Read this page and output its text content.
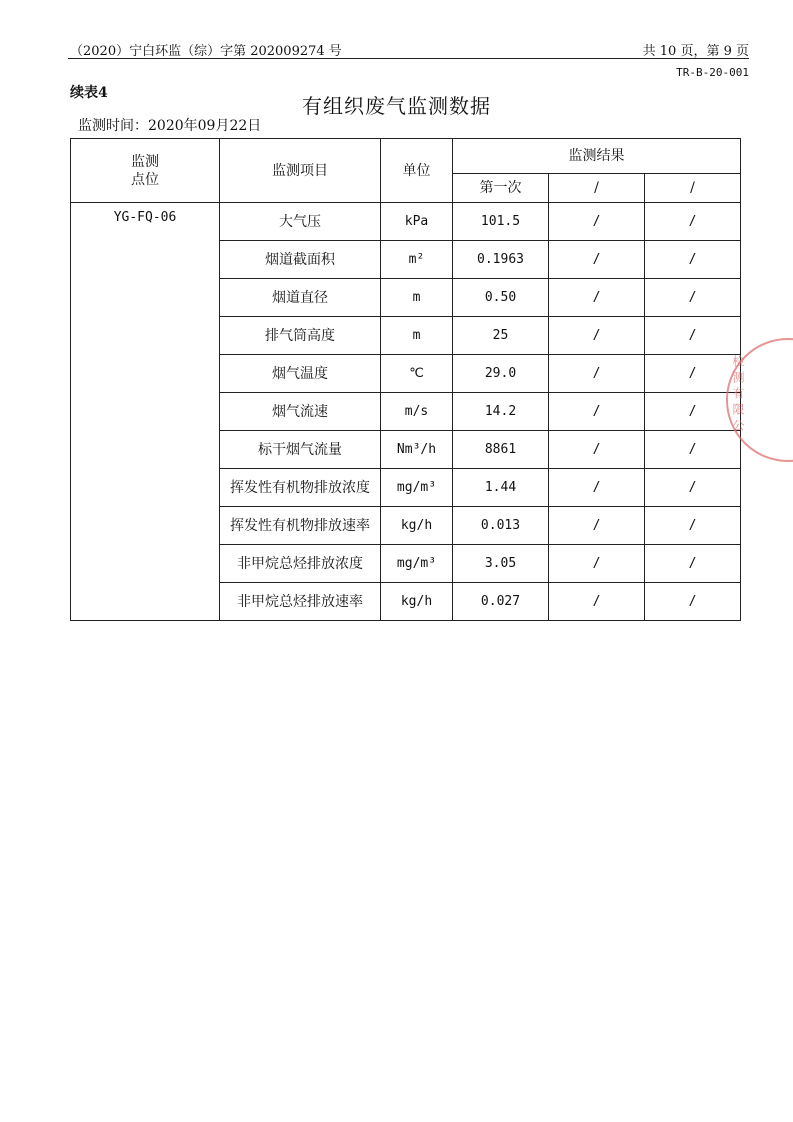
（2020）宁白环监（综）字第 202009274 号	共 10 页，第 9 页
TR-B-20-001
续表4
有组织废气监测数据
监测时间：2020年09月22日
监测
点位	监测项目	单位	监测结果		
			第一次	/	/
YG-FQ-06	大气压	kPa	101.5	/	/
	烟道截面积	m²	0.1963	/	/
	烟道直径	m	0.50	/	/
	排气筒高度	m	25	/	/
	烟气温度	℃	29.0	/	/
	烟气流速	m/s	14.2	/	/
	标干烟气流量	Nm³/h	8861	/	/
	挥发性有机物排放浓度	mg/m³	1.44	/	/
	挥发性有机物排放速率	kg/h	0.013	/	/
	非甲烷总烃排放浓度	mg/m³	3.05	/	/
	非甲烷总烃排放速率	kg/h	0.027	/	/
检测有限公
